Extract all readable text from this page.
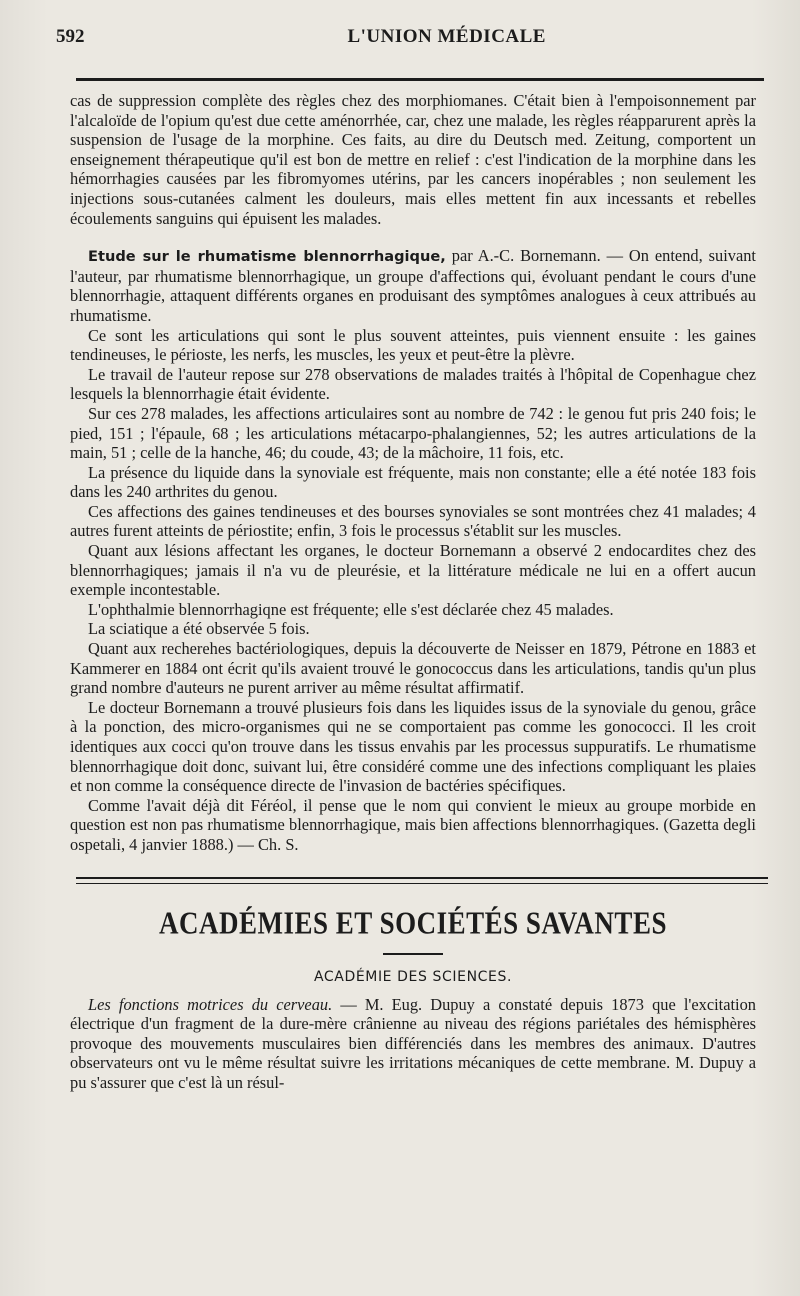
592	L'UNION MÉDICALE

cas de suppression complète des règles chez des morphiomanes. C'était bien à l'empoisonnement par l'alcaloïde de l'opium qu'est due cette aménorrhée, car, chez une malade, les règles réapparurent après la suspension de l'usage de la morphine. Ces faits, au dire du Deutsch med. Zeitung, comportent un enseignement thérapeutique qu'il est bon de mettre en relief : c'est l'indication de la morphine dans les hémorrhagies causées par les fibromyomes utérins, par les cancers inopérables ; non seulement les injections sous-cutanées calment les douleurs, mais elles mettent fin aux incessants et rebelles écoulements sanguins qui épuisent les malades.

Etude sur le rhumatisme blennorrhagique, par A.-C. Bornemann. — On entend, suivant l'auteur, par rhumatisme blennorrhagique, un groupe d'affections qui, évoluant pendant le cours d'une blennorrhagie, attaquent différents organes en produisant des symptômes analogues à ceux attribués au rhumatisme.

Ce sont les articulations qui sont le plus souvent atteintes, puis viennent ensuite : les gaines tendineuses, le périoste, les nerfs, les muscles, les yeux et peut-être la plèvre.

Le travail de l'auteur repose sur 278 observations de malades traités à l'hôpital de Copenhague chez lesquels la blennorrhagie était évidente.

Sur ces 278 malades, les affections articulaires sont au nombre de 742 : le genou fut pris 240 fois; le pied, 151 ; l'épaule, 68 ; les articulations métacarpo-phalangiennes, 52; les autres articulations de la main, 51 ; celle de la hanche, 46; du coude, 43; de la mâchoire, 11 fois, etc.

La présence du liquide dans la synoviale est fréquente, mais non constante; elle a été notée 183 fois dans les 240 arthrites du genou.

Ces affections des gaines tendineuses et des bourses synoviales se sont montrées chez 41 malades; 4 autres furent atteints de périostite; enfin, 3 fois le processus s'établit sur les muscles.

Quant aux lésions affectant les organes, le docteur Bornemann a observé 2 endocardites chez des blennorrhagiques; jamais il n'a vu de pleurésie, et la littérature médicale ne lui en a offert aucun exemple incontestable.

L'ophthalmie blennorrhagiqne est fréquente; elle s'est déclarée chez 45 malades.

La sciatique a été observée 5 fois.

Quant aux recherehes bactériologiques, depuis la découverte de Neisser en 1879, Pétrone en 1883 et Kammerer en 1884 ont écrit qu'ils avaient trouvé le gonococcus dans les articulations, tandis qu'un plus grand nombre d'auteurs ne purent arriver au même résultat affirmatif.

Le docteur Bornemann a trouvé plusieurs fois dans les liquides issus de la synoviale du genou, grâce à la ponction, des micro-organismes qui ne se comportaient pas comme les gonococci. Il les croit identiques aux cocci qu'on trouve dans les tissus envahis par les processus suppuratifs. Le rhumatisme blennorrhagique doit donc, suivant lui, être considéré comme une des infections compliquant les plaies et non comme la conséquence directe de l'invasion de bactéries spécifiques.

Comme l'avait déjà dit Féréol, il pense que le nom qui convient le mieux au groupe morbide en question est non pas rhumatisme blennorrhagique, mais bien affections blennorrhagiques. (Gazetta degli ospetali, 4 janvier 1888.) — Ch. S.

ACADÉMIES ET SOCIÉTÉS SAVANTES
ACADÉMIE DES SCIENCES.

Les fonctions motrices du cerveau. — M. Eug. Dupuy a constaté depuis 1873 que l'excitation électrique d'un fragment de la dure-mère crânienne au niveau des régions pariétales des hémisphères provoque des mouvements musculaires bien différenciés dans les membres des animaux. D'autres observateurs ont vu le même résultat suivre les irritations mécaniques de cette membrane. M. Dupuy a pu s'assurer que c'est là un résul-
